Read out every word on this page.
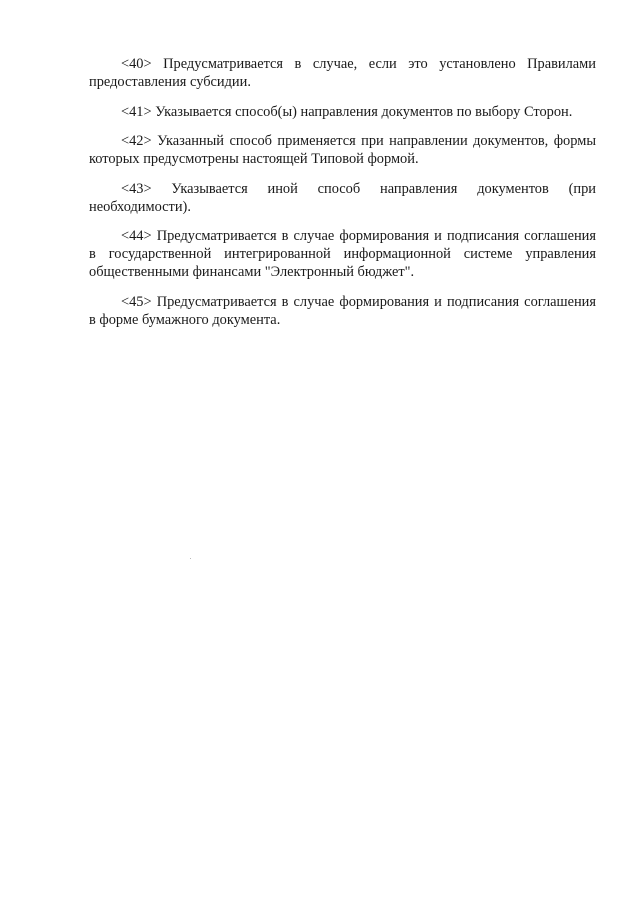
<40> Предусматривается в случае, если это установлено Правилами предоставления субсидии.

<41> Указывается способ(ы) направления документов по выбору Сторон.

<42> Указанный способ применяется при направлении документов, формы которых предусмотрены настоящей Типовой формой.

<43> Указывается иной способ направления документов (при необходимости).

<44> Предусматривается в случае формирования и подписания соглашения в государственной интегрированной информационной системе управления общественными финансами "Электронный бюджет".

<45> Предусматривается в случае формирования и подписания соглашения в форме бумажного документа.
